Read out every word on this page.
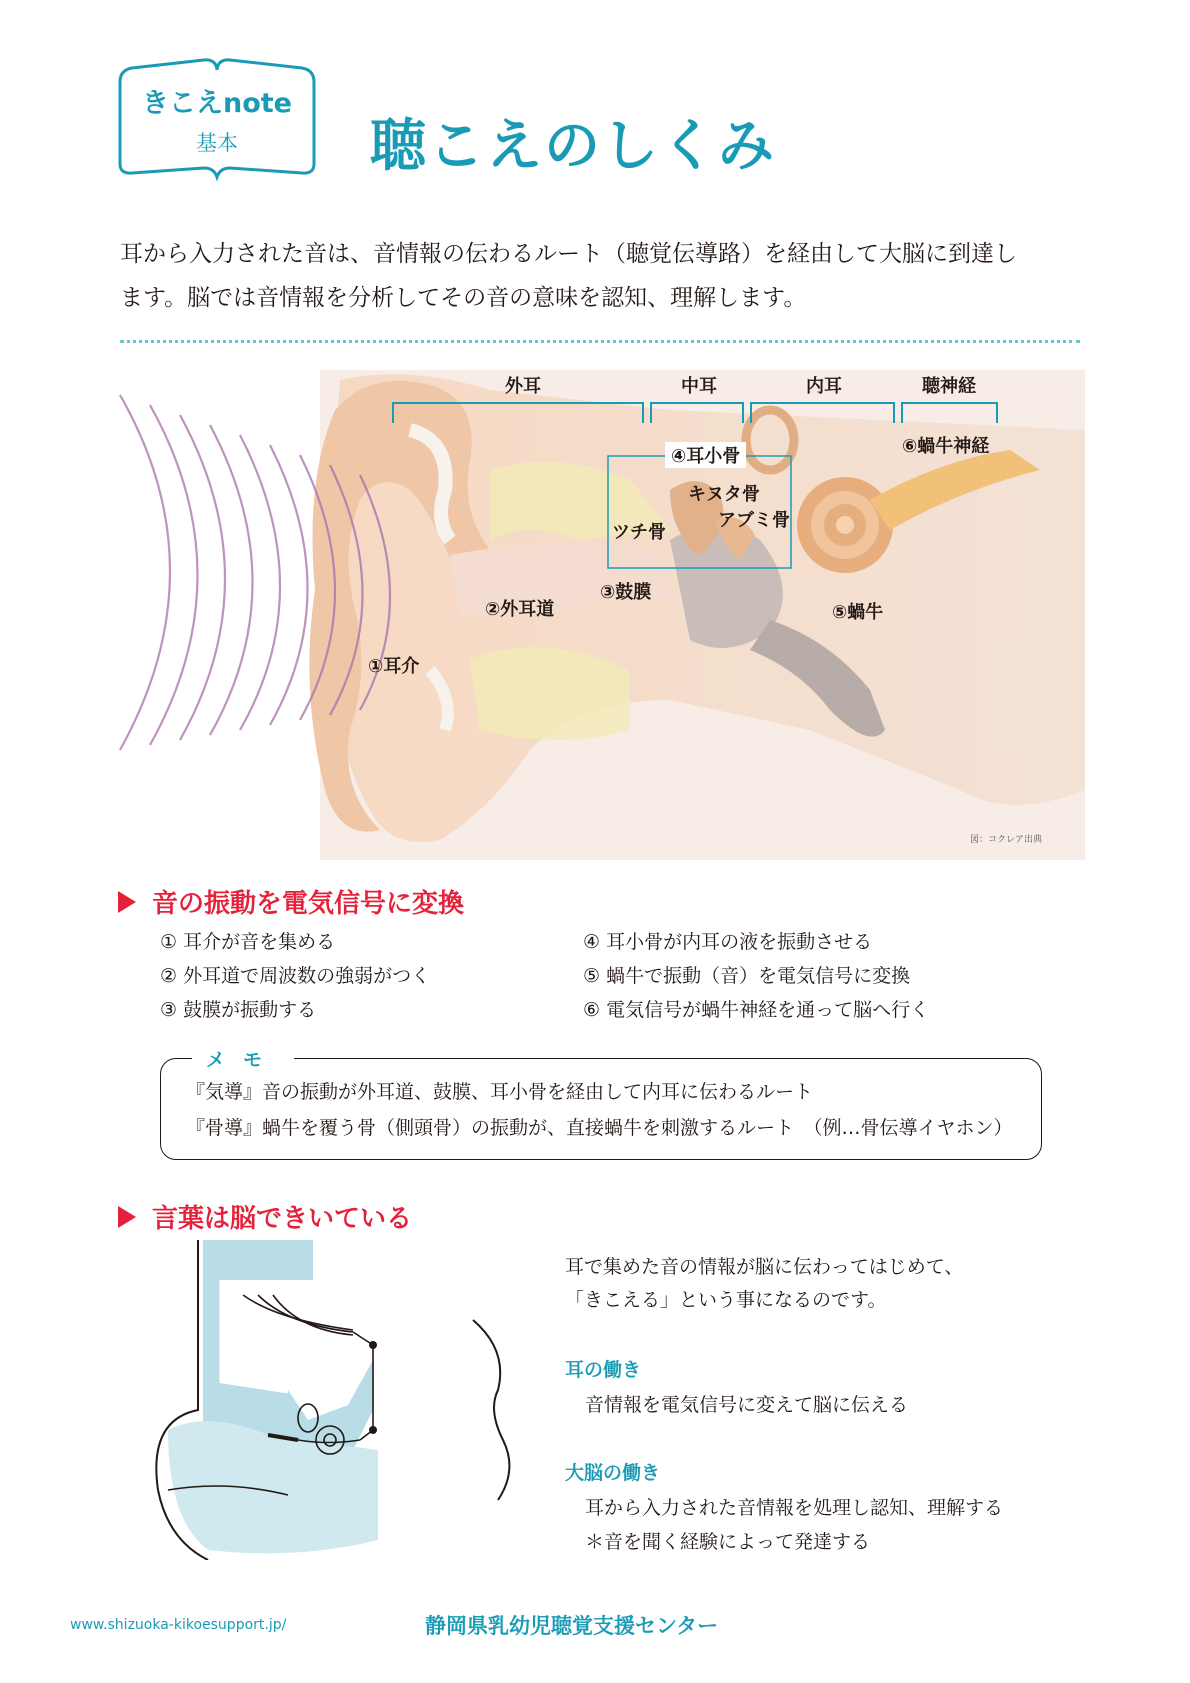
きこえnote
基本 聴こえのしくみ
耳から入力された音は、音情報の伝わるルート（聴覚伝導路）を経由して大脳に到達し
ます。脳では音情報を分析してその音の意味を認知、理解します。
外耳	中耳	内耳	聴神経
④耳小骨
キヌタ骨
アブミ骨
ツチ骨
②外耳道
③鼓膜
⑤蝸牛
⑥蝸牛神経
①耳介
図：コクレア出典
音の振動を電気信号に変換
① 耳介が音を集める
② 外耳道で周波数の強弱がつく
③ 鼓膜が振動する
④ 耳小骨が内耳の液を振動させる
⑤ 蝸牛で振動（音）を電気信号に変換
⑥ 電気信号が蝸牛神経を通って脳へ行く
メモ
『気導』音の振動が外耳道、鼓膜、耳小骨を経由して内耳に伝わるルート
『骨導』蝸牛を覆う骨（側頭骨）の振動が、直接蝸牛を刺激するルート　（例…骨伝導イヤホン）
言葉は脳できいている
耳で集めた音の情報が脳に伝わってはじめて、
「きこえる」という事になるのです。
耳の働き
音情報を電気信号に変えて脳に伝える
大脳の働き
耳から入力された音情報を処理し認知、理解する
＊音を聞く経験によって発達する
www.shizuoka-kikoesupport.jp/	静岡県乳幼児聴覚支援センター
